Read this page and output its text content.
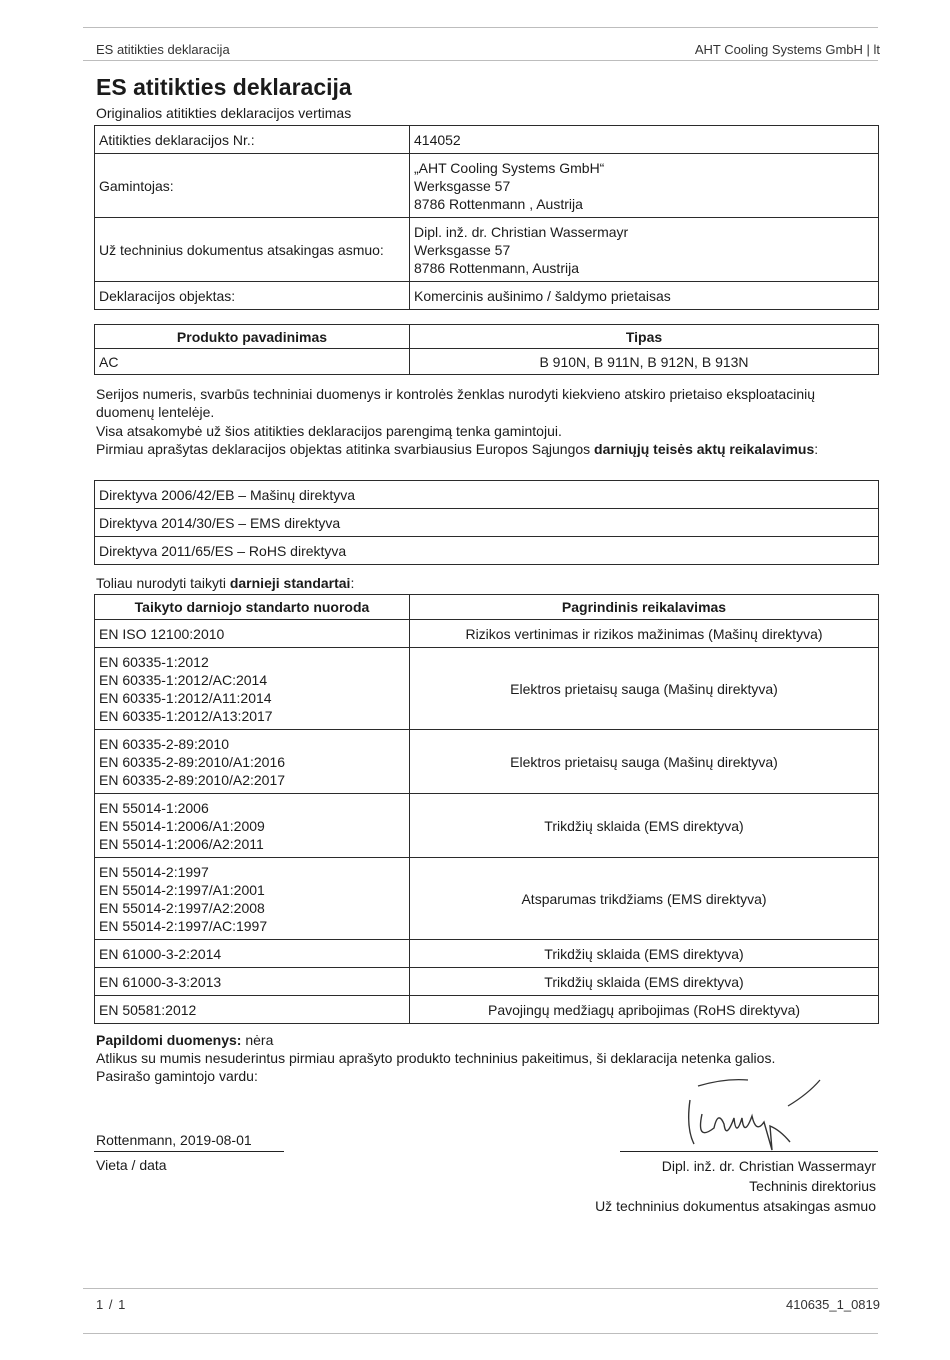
ES atitikties deklaracija	AHT Cooling Systems GmbH | lt
ES atitikties deklaracija
Originalios atitikties deklaracijos vertimas
Atitikties deklaracijos Nr.:	414052
Gamintojas:	„AHT Cooling Systems GmbH“
Werksgasse 57
8786 Rottenmann , Austrija

Už techninius dokumentus atsakingas asmuo:	Dipl. inž. dr. Christian Wassermayr
Werksgasse 57
8786 Rottenmann, Austrija

Deklaracijos objektas:	Komercinis aušinimo / šaldymo prietaisas
Produkto pavadinimas	Tipas
AC	B 910N, B 911N, B 912N, B 913N
Serijos numeris, svarbūs techniniai duomenys ir kontrolės ženklas nurodyti kiekvieno atskiro prietaiso eksploatacinių duomenų lentelėje.
Visa atsakomybė už šios atitikties deklaracijos parengimą tenka gamintojui.
Pirmiau aprašytas deklaracijos objektas atitinka svarbiausius Europos Sąjungos darniųjų teisės aktų reikalavimus:
Direktyva 2006/42/EB – Mašinų direktyva
Direktyva 2014/30/ES – EMS direktyva
Direktyva 2011/65/ES – RoHS direktyva
Toliau nurodyti taikyti darnieji standartai:
Taikyto darniojo standarto nuoroda	Pagrindinis reikalavimas

EN ISO 12100:2010	Rizikos vertinimas ir rizikos mažinimas (Mašinų direktyva)

EN 60335-1:2012
EN 60335-1:2012/AC:2014
EN 60335-1:2012/A11:2014
EN 60335-1:2012/A13:2017	Elektros prietaisų sauga (Mašinų direktyva)

EN 60335-2-89:2010
EN 60335-2-89:2010/A1:2016
EN 60335-2-89:2010/A2:2017	Elektros prietaisų sauga (Mašinų direktyva)

EN 55014-1:2006
EN 55014-1:2006/A1:2009
EN 55014-1:2006/A2:2011	Trikdžių sklaida (EMS direktyva)

EN 55014-2:1997
EN 55014-2:1997/A1:2001
EN 55014-2:1997/A2:2008
EN 55014-2:1997/AC:1997	Atsparumas trikdžiams (EMS direktyva)

EN 61000-3-2:2014	Trikdžių sklaida (EMS direktyva)

EN 61000-3-3:2013	Trikdžių sklaida (EMS direktyva)

EN 50581:2012	Pavojingų medžiagų apribojimas (RoHS direktyva)
Papildomi duomenys: nėra
Atlikus su mumis nesuderintus pirmiau aprašyto produkto techninius pakeitimus, ši deklaracija netenka galios.
Pasirašo gamintojo vardu:
Rottenmann, 2019-08-01
Vieta / data	Dipl. inž. dr. Christian Wassermayr
Techninis direktorius
Už techninius dokumentus atsakingas asmuo
1 / 1	410635_1_0819
